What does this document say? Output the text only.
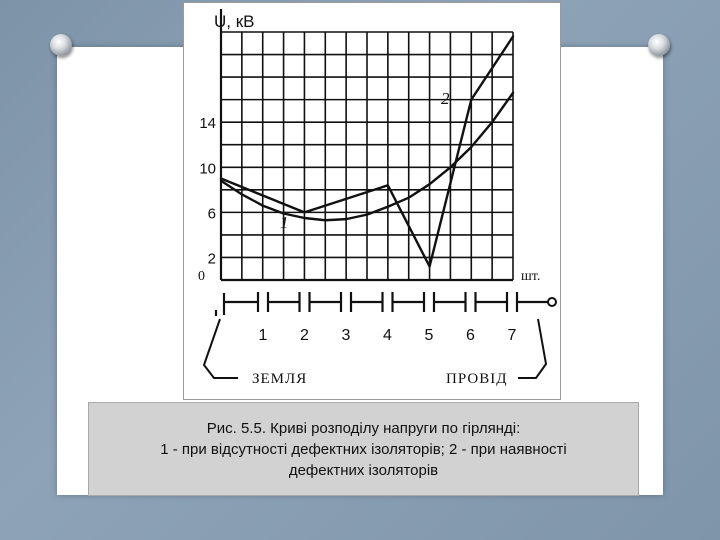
U, кВ
шт.
0
1
2
2
6
10
14
1 2 3 4 5 6 7
ЗЕМЛЯ	ПРОВІД
Рис. 5.5. Криві розподілу напруги по гірлянді:
1 - при відсутності дефектних ізоляторів; 2 - при наявності
дефектних ізоляторів
